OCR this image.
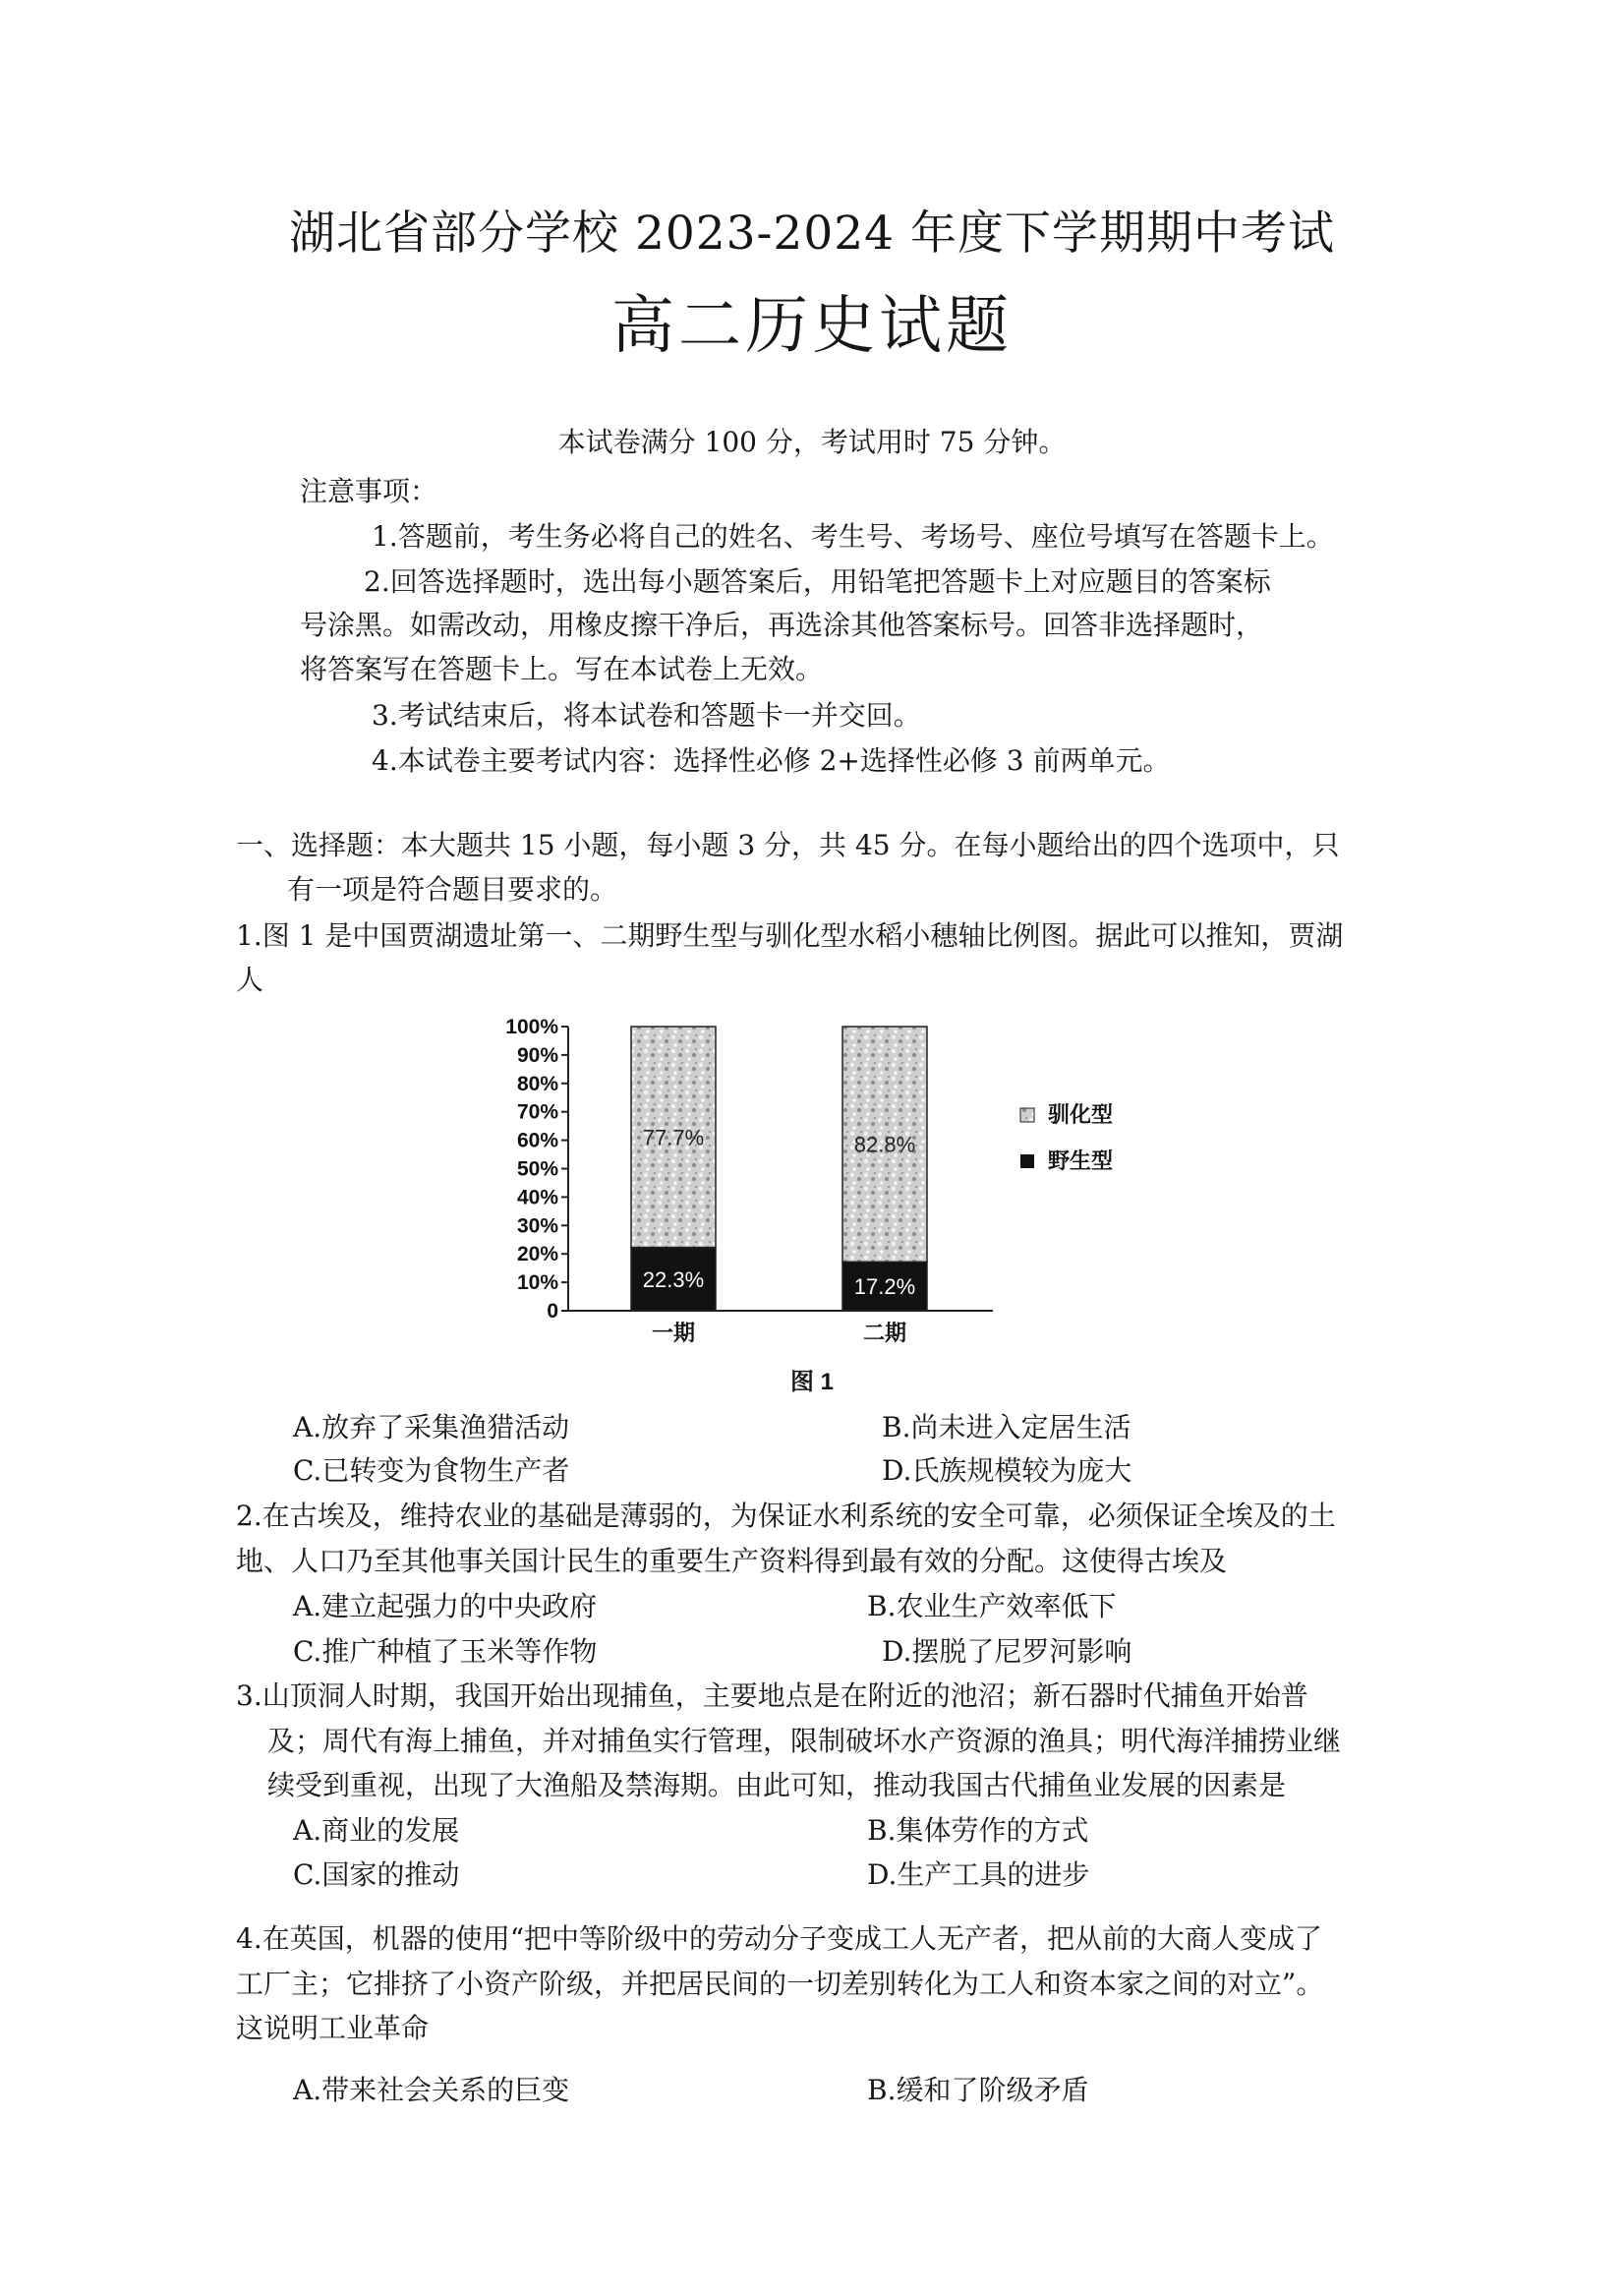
湖北省部分学校 2023-2024 年度下学期期中考试
高二历史试题
本试卷满分 100 分，考试用时 75 分钟。
注意事项：
1.答题前，考生务必将自己的姓名、考生号、考场号、座位号填写在答题卡上。
2.回答选择题时，选出每小题答案后，用铅笔把答题卡上对应题目的答案标
号涂黑。如需改动，用橡皮擦干净后，再选涂其他答案标号。回答非选择题时，
将答案写在答题卡上。写在本试卷上无效。
3.考试结束后，将本试卷和答题卡一并交回。
4.本试卷主要考试内容：选择性必修 2+选择性必修 3 前两单元。
一、选择题：本大题共 15 小题，每小题 3 分，共 45 分。在每小题给出的四个选项中，只
有一项是符合题目要求的。
1.图 1 是中国贾湖遗址第一、二期野生型与驯化型水稻小穗轴比例图。据此可以推知，贾湖
人
100%
90%
80%
70%
60%
50%
40%
30%
20%
10%
0
22.3%
77.7%
一期
17.2%
82.8%
二期
驯化型
野生型
图 1
A.放弃了采集渔猎活动	B.尚未进入定居生活
C.已转变为食物生产者	D.氏族规模较为庞大
2.在古埃及，维持农业的基础是薄弱的，为保证水利系统的安全可靠，必须保证全埃及的土
地、人口乃至其他事关国计民生的重要生产资料得到最有效的分配。这使得古埃及
A.建立起强力的中央政府	B.农业生产效率低下
C.推广种植了玉米等作物	D.摆脱了尼罗河影响
3.山顶洞人时期，我国开始出现捕鱼，主要地点是在附近的池沼；新石器时代捕鱼开始普
及；周代有海上捕鱼，并对捕鱼实行管理，限制破坏水产资源的渔具；明代海洋捕捞业继
续受到重视，出现了大渔船及禁海期。由此可知，推动我国古代捕鱼业发展的因素是
A.商业的发展	B.集体劳作的方式
C.国家的推动	D.生产工具的进步
4.在英国，机器的使用“把中等阶级中的劳动分子变成工人无产者，把从前的大商人变成了
工厂主；它排挤了小资产阶级，并把居民间的一切差别转化为工人和资本家之间的对立”。
这说明工业革命
A.带来社会关系的巨变	B.缓和了阶级矛盾
